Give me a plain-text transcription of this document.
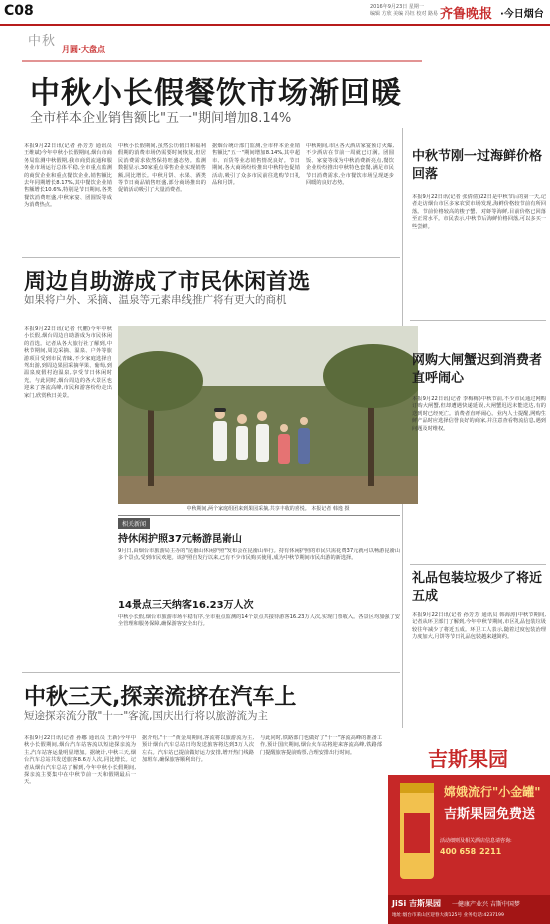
C08	2016年9月23日 星期一
编辑 方欣 美编 冯钰 校对 路易 齐鲁晚报 ·今日烟台
中秋
月圆·大盘点
中秋小长假餐饮市场渐回暖
全市样本企业销售额比"五一"期间增加8.14%
本报9月22日讯(记者 孙芳芳 通讯员 王维斌)今年中秋小长假期间,烟台市商务局监测中秋假期,我市商贸流通和服务业市场运行总体平稳,全市重点监测的商贸企业和重点餐饮企业,销售额比去年同期增长8.17%,其中餐饮企业销售额增长10.6%,特别是节日期间,各类餐饮消费旺盛,中秋家宴、团圆饭等成为消费热点。
中秋小长假期间,虽然公历假日和福利假期的消费市场仍需要时间恢复,但居民消费需求依然保持旺盛态势。监测数据显示,30家重点零售企业实现销售额,同比增长。中秋月饼、水果、酒类等节日商品销售旺盛,部分商场推出的促销活动吸引了大量消费者。
据烟台统计部门监测,全市样本企业销售额比"五一"期间增加8.14%,其中超市、百货等业态销售情况良好。节日期间,各大商场纷纷推出中秋特色促销活动,吸引了众多市民前往选购节日礼品和月饼。
中秋期间,市区各大酒店家宴预订火爆,不少酒店在节前一周就已订满。团圆饭、家宴等成为中秋消费新亮点,餐饮企业纷纷推出中秋特色套餐,满足市民节日消费需求,全市餐饮市场呈现逐步回暖的良好态势。
中秋节刚一过海鲜价格回落
本报9月22日讯(记者 张倩倩)22日是中秋节后的第一天,记者走访烟台市区多家农贸市场发现,海鲜价格较节前有所回落。节前价格较高的梭子蟹、对虾等海鲜,目前价格已回落至正常水平。市民表示,中秋节后海鲜价格回落,可以多买一些尝鲜。
周边自助游成了市民休闲首选
如果将户外、采摘、温泉等元素串线推广将有更大的商机
本报9月22日讯(记者 代鹏)今年中秋小长假,烟台周边自助游成为市民休闲的首选。记者从各大旅行社了解到,中秋节期间,周边采摘、温泉、户外等旅游项目受到市民青睐,不少家庭选择自驾出游,到周边果园采摘苹果、葡萄,到温泉度假村泡温泉,享受节日休闲时光。与此同时,烟台周边的各大景区也迎来了客流高峰,市民和游客纷纷走出家门,欣赏秋日美景。
中秋期间,两个家庭组团来到果园采摘,共享丰收的喜悦。 本报记者 韩逸 摄
相关新闻
持休闲护照37元畅游昆嵛山
9月日,由烟台市旅游局主办的"昆嵛山休闲护照"发布会在昆嵛山举行。持有休闲护照的市民只需花费37元就可以畅游昆嵛山多个景点,受到市民欢迎。该护照自发行以来,已有不少市民购买使用,成为中秋节期间市民出游的新选择。
14景点三天纳客16.23万人次
中秋小长假,烟台市旅游市场平稳有序,全市重点监测的14个景点共接待游客16.23万人次,实现门票收入。各景区均加强了安全管理和服务保障,确保游客安全出行。
网购大闸蟹迟到消费者直呼闹心
本报9月22日讯(记者 李梅梅)中秋节前,不少市民通过网购订购大闸蟹,但却遭遇快递延误,大闸蟹迟迟未能送达,有的送到时已经死亡。消费者直呼闹心。业内人士提醒,网购生鲜产品时应选择信誉良好的商家,并注意查看物流信息,遇到问题及时维权。
礼品包装垃圾少了将近五成
本报9月22日讯(记者 孙芳芳 通讯员 韩海涛)中秋节期间,记者从环卫部门了解到,今年中秋节期间,市区礼品包装垃圾较往年减少了将近五成。环卫工人表示,随着过度包装治理力度加大,月饼等节日礼品包装越来越简约。
中秋三天,探亲流挤在汽车上
短途探亲流分散"十一"客流,国庆出行将以旅游流为主
本报9月22日讯(记者 孙娜 通讯员 王新)今年中秋小长假期间,烟台汽车站客流以短途探亲流为主,汽车站客运量明显增加。据统计,中秋三天,烟台汽车总站共发送旅客8.6万人次,同比增长。记者从烟台汽车总站了解到,今年中秋小长假期间,探亲流主要集中在中秋节前一天和假期最后一天。
据介绍,"十一"黄金周期间,客流将以旅游流为主,预计烟台汽车总站日均发送旅客将达到3万人次左右。汽车站已提前做好运力安排,增开热门线路加班车,确保旅客顺利出行。
与此同时,铁路部门也做好了"十一"客流高峰的准备工作,预计国庆期间,烟台火车站将迎来客流高峰,铁路部门提醒旅客提前购票,合理安排出行时间。	吉斯果园
嫦娥流行"小金罐"
吉斯果园免费送
活动细则及相关酒店信息请咨询:
400 658 2211
JiSi 吉斯果园 一健康产业兴 吉斯中国梦
地址:烟台市莱山区迎春大街125号 业务电话:4237199
